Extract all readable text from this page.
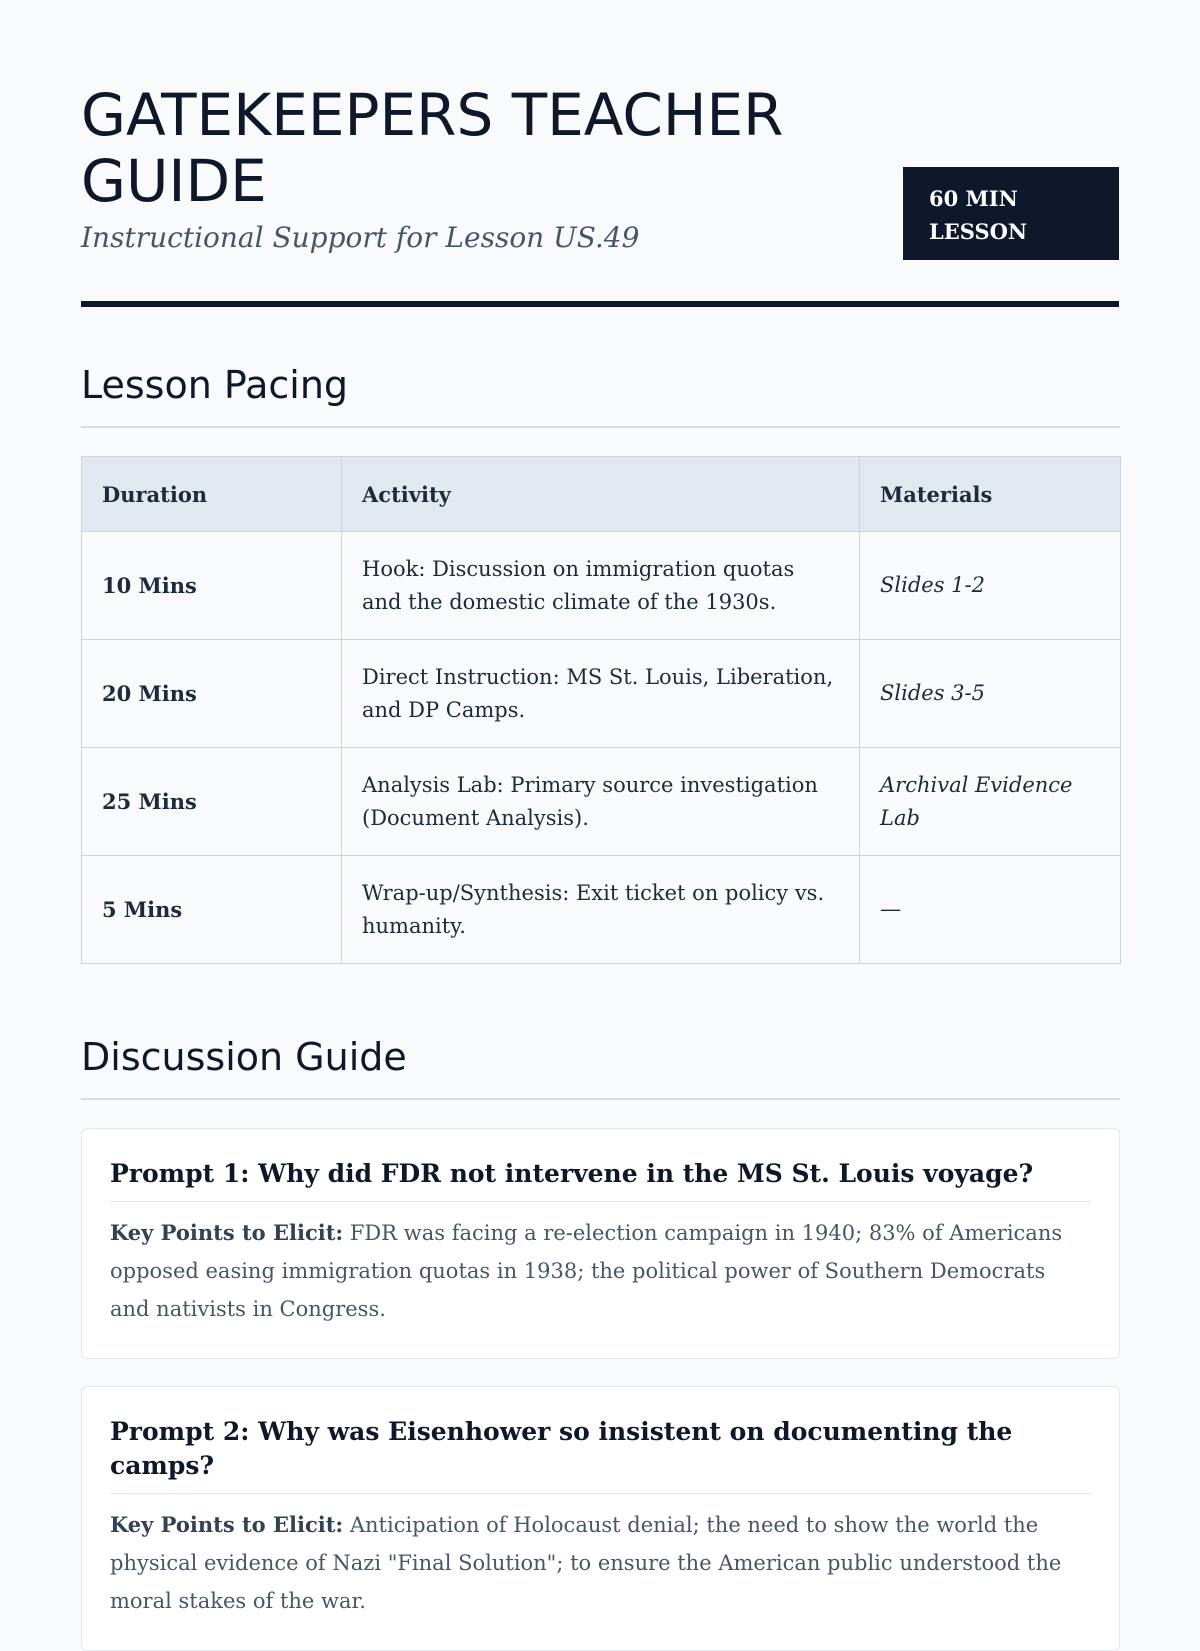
GATEKEEPERS TEACHER GUIDE
Instructional Support for Lesson US.49
60 MIN LESSON
Lesson Pacing
Duration	Activity	Materials
10 Mins	Hook: Discussion on immigration quotas and the domestic climate of the 1930s.	Slides 1-2
20 Mins	Direct Instruction: MS St. Louis, Liberation, and DP Camps.	Slides 3-5
25 Mins	Analysis Lab: Primary source investigation (Document Analysis).	Archival Evidence Lab
5 Mins	Wrap-up/Synthesis: Exit ticket on policy vs. humanity.	—
Discussion Guide
Prompt 1: Why did FDR not intervene in the MS St. Louis voyage?

Key Points to Elicit: FDR was facing a re-election campaign in 1940; 83% of Americans opposed easing immigration quotas in 1938; the political power of Southern Democrats and nativists in Congress.

Prompt 2: Why was Eisenhower so insistent on documenting the camps?

Key Points to Elicit: Anticipation of Holocaust denial; the need to show the world the physical evidence of Nazi "Final Solution"; to ensure the American public understood the moral stakes of the war.
